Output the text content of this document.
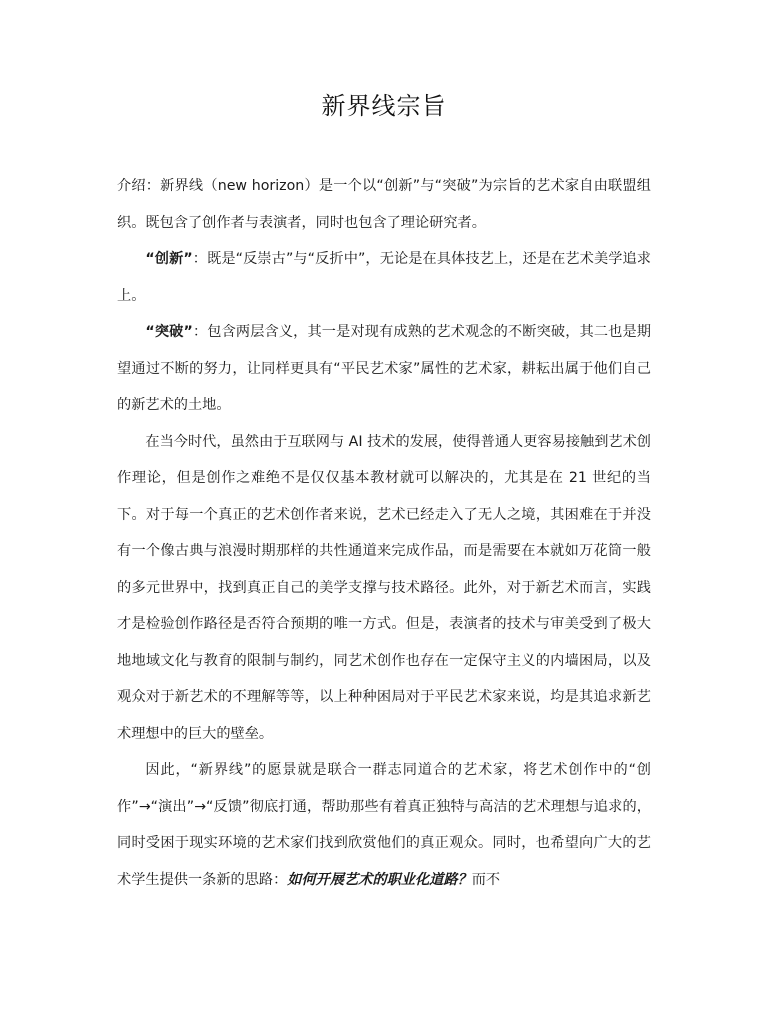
新界线宗旨

介绍：新界线（new horizon）是一个以“创新”与“突破”为宗旨的艺术家自由联盟组织。既包含了创作者与表演者，同时也包含了理论研究者。

“创新”：既是“反崇古”与“反折中”，无论是在具体技艺上，还是在艺术美学追求上。

“突破”：包含两层含义，其一是对现有成熟的艺术观念的不断突破，其二也是期望通过不断的努力，让同样更具有“平民艺术家”属性的艺术家，耕耘出属于他们自己的新艺术的土地。

在当今时代，虽然由于互联网与 AI 技术的发展，使得普通人更容易接触到艺术创作理论，但是创作之难绝不是仅仅基本教材就可以解决的，尤其是在 21 世纪的当下。对于每一个真正的艺术创作者来说，艺术已经走入了无人之境，其困难在于并没有一个像古典与浪漫时期那样的共性通道来完成作品，而是需要在本就如万花筒一般的多元世界中，找到真正自己的美学支撑与技术路径。此外，对于新艺术而言，实践才是检验创作路径是否符合预期的唯一方式。但是，表演者的技术与审美受到了极大地地域文化与教育的限制与制约，同艺术创作也存在一定保守主义的内墙困局，以及观众对于新艺术的不理解等等，以上种种困局对于平民艺术家来说，均是其追求新艺术理想中的巨大的壁垒。

因此，“新界线”的愿景就是联合一群志同道合的艺术家，将艺术创作中的“创作”→“演出”→“反馈”彻底打通，帮助那些有着真正独特与高洁的艺术理想与追求的，同时受困于现实环境的艺术家们找到欣赏他们的真正观众。同时，也希望向广大的艺术学生提供一条新的思路：如何开展艺术的职业化道路？而不
